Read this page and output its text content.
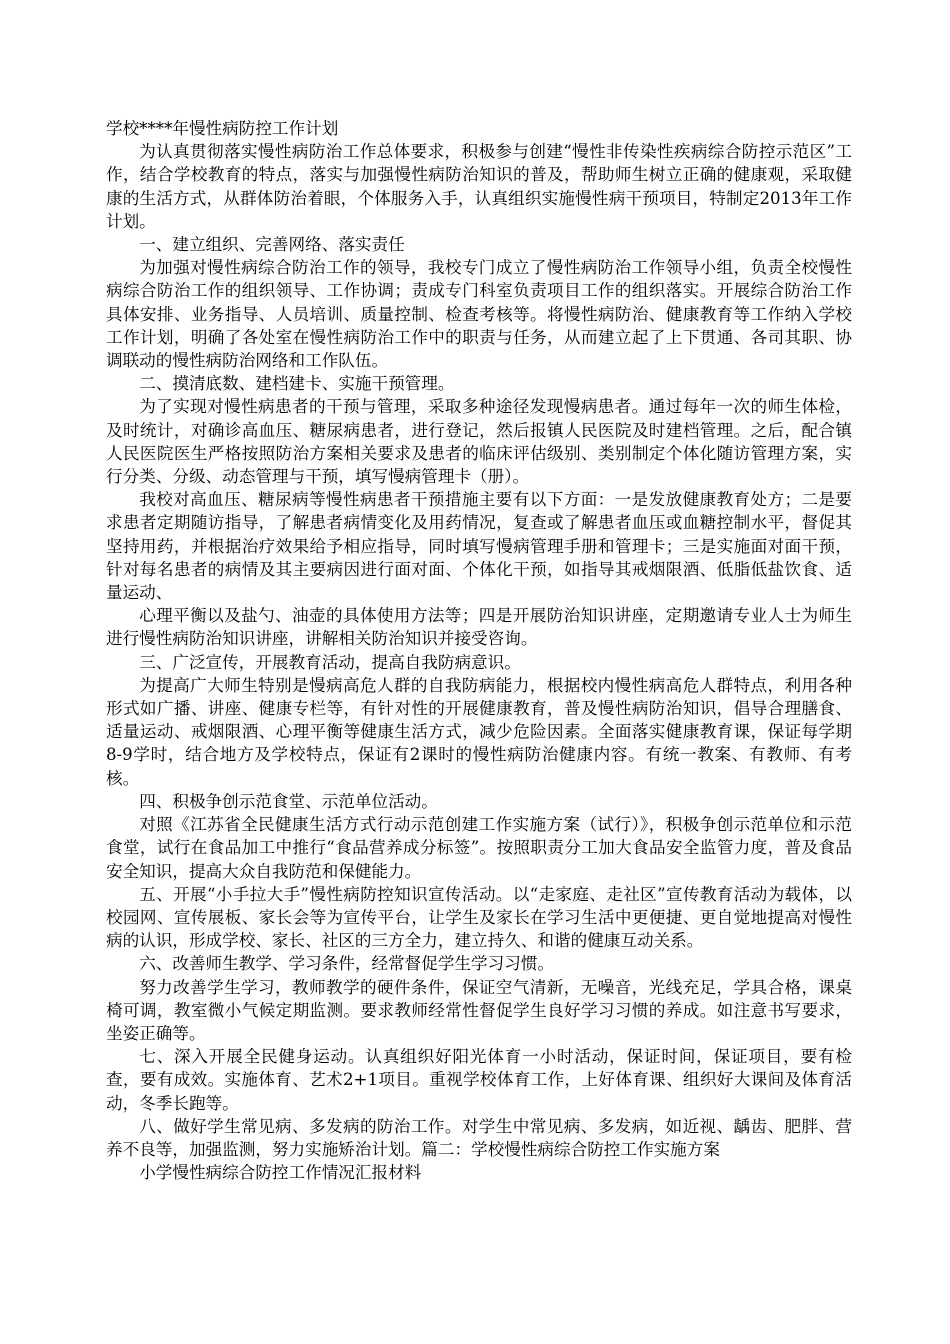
学校****年慢性病防控工作计划

为认真贯彻落实慢性病防治工作总体要求，积极参与创建“慢性非传染性疾病综合防控示范区”工作，结合学校教育的特点，落实与加强慢性病防治知识的普及，帮助师生树立正确的健康观，采取健康的生活方式，从群体防治着眼，个体服务入手，认真组织实施慢性病干预项目，特制定2013年工作计划。

一、建立组织、完善网络、落实责任

为加强对慢性病综合防治工作的领导，我校专门成立了慢性病防治工作领导小组，负责全校慢性病综合防治工作的组织领导、工作协调；责成专门科室负责项目工作的组织落实。开展综合防治工作具体安排、业务指导、人员培训、质量控制、检查考核等。将慢性病防治、健康教育等工作纳入学校工作计划，明确了各处室在慢性病防治工作中的职责与任务，从而建立起了上下贯通、各司其职、协调联动的慢性病防治网络和工作队伍。

二、摸清底数、建档建卡、实施干预管理。

为了实现对慢性病患者的干预与管理，采取多种途径发现慢病患者。通过每年一次的师生体检，及时统计，对确诊高血压、糖尿病患者，进行登记，然后报镇人民医院及时建档管理。之后，配合镇人民医院医生严格按照防治方案相关要求及患者的临床评估级别、类别制定个体化随访管理方案，实行分类、分级、动态管理与干预，填写慢病管理卡（册）。

我校对高血压、糖尿病等慢性病患者干预措施主要有以下方面：一是发放健康教育处方；二是要求患者定期随访指导，了解患者病情变化及用药情况，复查或了解患者血压或血糖控制水平，督促其坚持用药，并根据治疗效果给予相应指导，同时填写慢病管理手册和管理卡；三是实施面对面干预，针对每名患者的病情及其主要病因进行面对面、个体化干预，如指导其戒烟限酒、低脂低盐饮食、适量运动、

心理平衡以及盐勺、油壶的具体使用方法等；四是开展防治知识讲座，定期邀请专业人士为师生进行慢性病防治知识讲座，讲解相关防治知识并接受咨询。

三、广泛宣传，开展教育活动，提高自我防病意识。

为提高广大师生特别是慢病高危人群的自我防病能力，根据校内慢性病高危人群特点，利用各种形式如广播、讲座、健康专栏等，有针对性的开展健康教育，普及慢性病防治知识，倡导合理膳食、适量运动、戒烟限酒、心理平衡等健康生活方式，减少危险因素。全面落实健康教育课，保证每学期8-9学时，结合地方及学校特点，保证有2课时的慢性病防治健康内容。有统一教案、有教师、有考核。

四、积极争创示范食堂、示范单位活动。

对照《江苏省全民健康生活方式行动示范创建工作实施方案（试行）》，积极争创示范单位和示范食堂，试行在食品加工中推行“食品营养成分标签”。按照职责分工加大食品安全监管力度，普及食品安全知识，提高大众自我防范和保健能力。

五、开展“小手拉大手”慢性病防控知识宣传活动。以“走家庭、走社区”宣传教育活动为载体，以校园网、宣传展板、家长会等为宣传平台，让学生及家长在学习生活中更便捷、更自觉地提高对慢性病的认识，形成学校、家长、社区的三方全力，建立持久、和谐的健康互动关系。

六、改善师生教学、学习条件，经常督促学生学习习惯。

努力改善学生学习，教师教学的硬件条件，保证空气清新，无噪音，光线充足，学具合格，课桌椅可调，教室微小气候定期监测。要求教师经常性督促学生良好学习习惯的养成。如注意书写要求，坐姿正确等。

七、深入开展全民健身运动。认真组织好阳光体育一小时活动，保证时间，保证项目，要有检查，要有成效。实施体育、艺术2+1项目。重视学校体育工作，上好体育课、组织好大课间及体育活动，冬季长跑等。

八、做好学生常见病、多发病的防治工作。对学生中常见病、多发病，如近视、龋齿、肥胖、营养不良等，加强监测，努力实施矫治计划。篇二：学校慢性病综合防控工作实施方案

小学慢性病综合防控工作情况汇报材料
